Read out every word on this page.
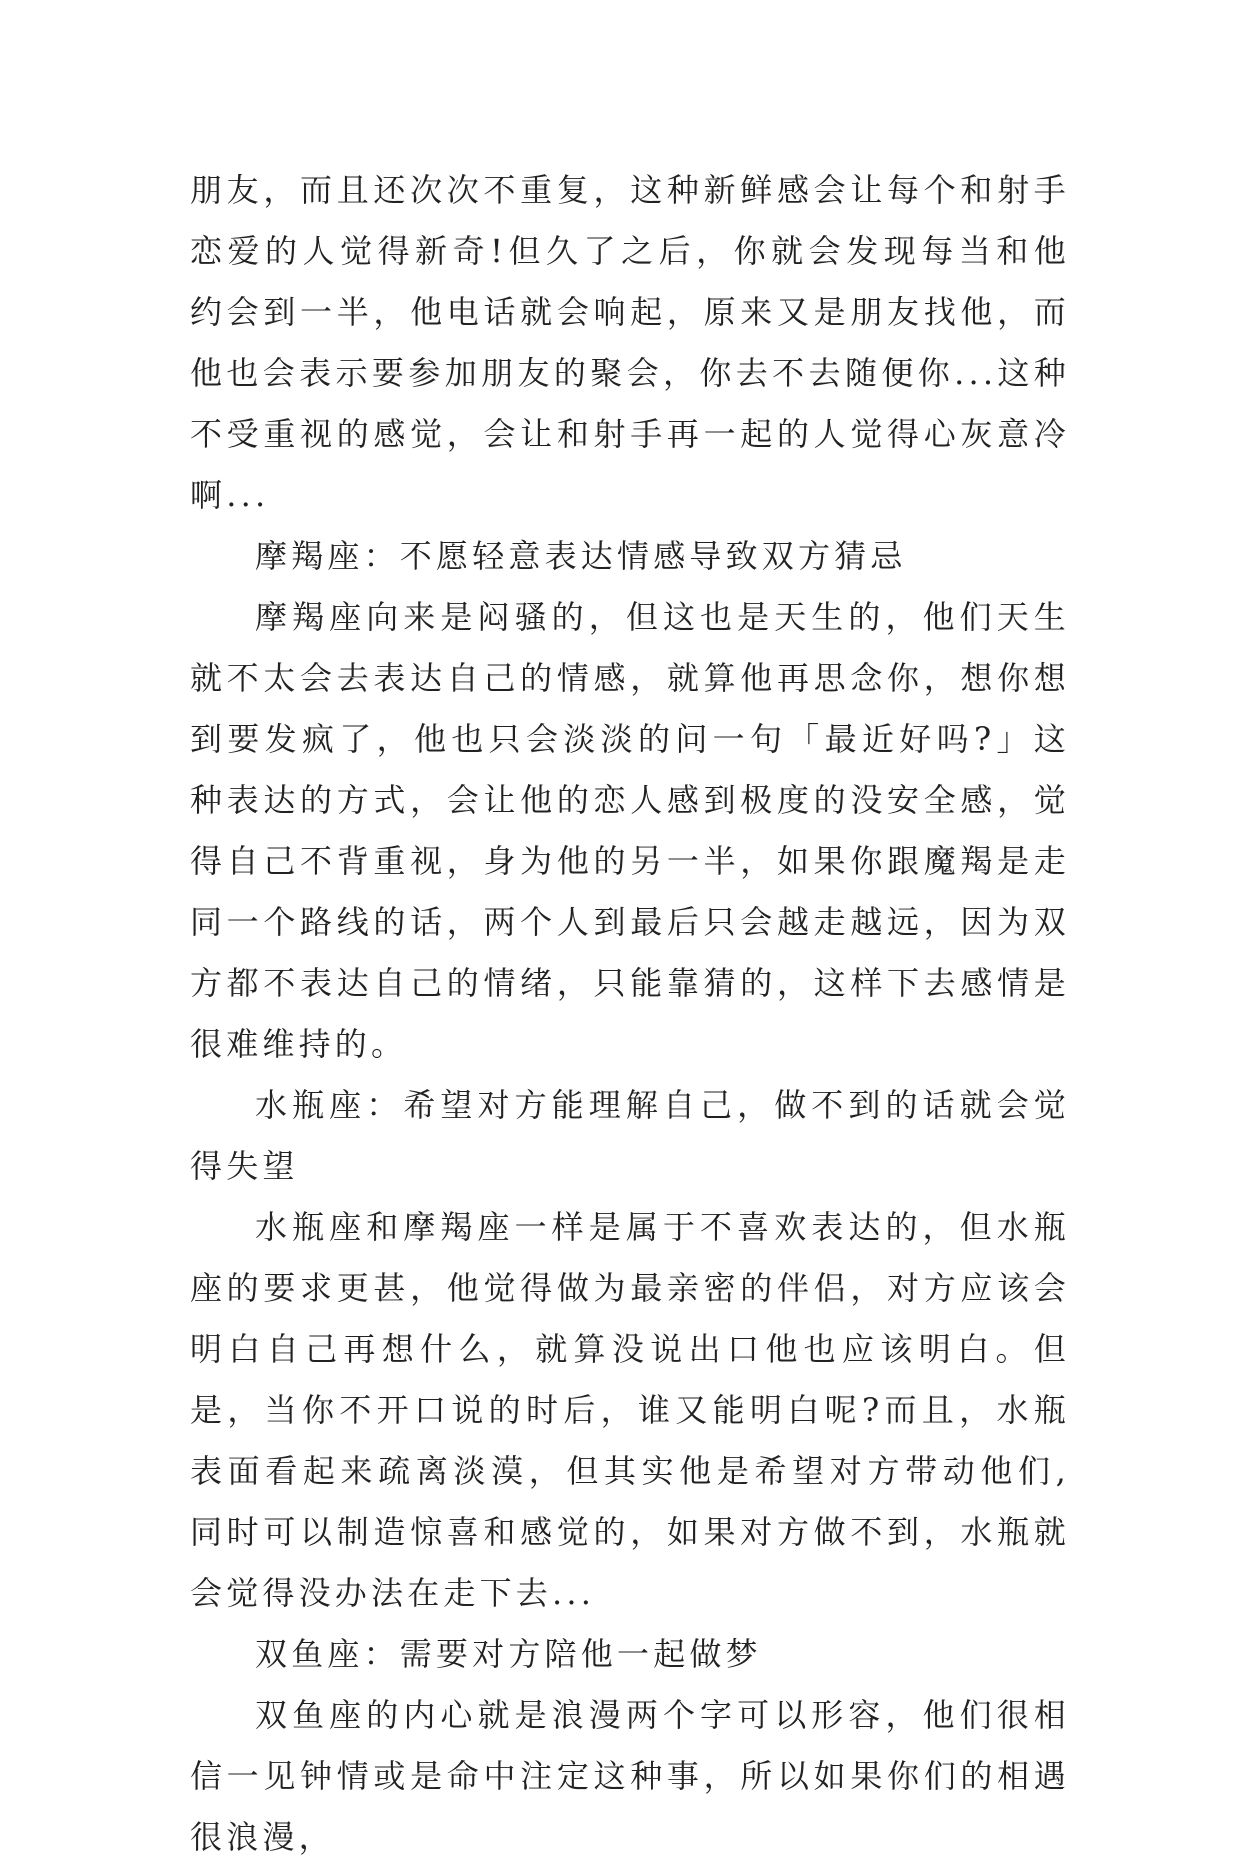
朋友，而且还次次不重复，这种新鲜感会让每个和射手恋爱的人觉得新奇!但久了之后，你就会发现每当和他约会到一半，他电话就会响起，原来又是朋友找他，而他也会表示要参加朋友的聚会，你去不去随便你...这种不受重视的感觉，会让和射手再一起的人觉得心灰意冷啊...

摩羯座：不愿轻意表达情感导致双方猜忌

摩羯座向来是闷骚的，但这也是天生的，他们天生就不太会去表达自己的情感，就算他再思念你，想你想到要发疯了，他也只会淡淡的问一句「最近好吗?」这种表达的方式，会让他的恋人感到极度的没安全感，觉得自己不背重视，身为他的另一半，如果你跟魔羯是走同一个路线的话，两个人到最后只会越走越远，因为双方都不表达自己的情绪，只能靠猜的，这样下去感情是很难维持的。

水瓶座：希望对方能理解自己，做不到的话就会觉得失望

水瓶座和摩羯座一样是属于不喜欢表达的，但水瓶座的要求更甚，他觉得做为最亲密的伴侣，对方应该会明白自己再想什么，就算没说出口他也应该明白。但是，当你不开口说的时后，谁又能明白呢?而且，水瓶表面看起来疏离淡漠，但其实他是希望对方带动他们,同时可以制造惊喜和感觉的，如果对方做不到，水瓶就会觉得没办法在走下去...

双鱼座：需要对方陪他一起做梦

双鱼座的内心就是浪漫两个字可以形容，他们很相信一见钟情或是命中注定这种事，所以如果你们的相遇很浪漫，
